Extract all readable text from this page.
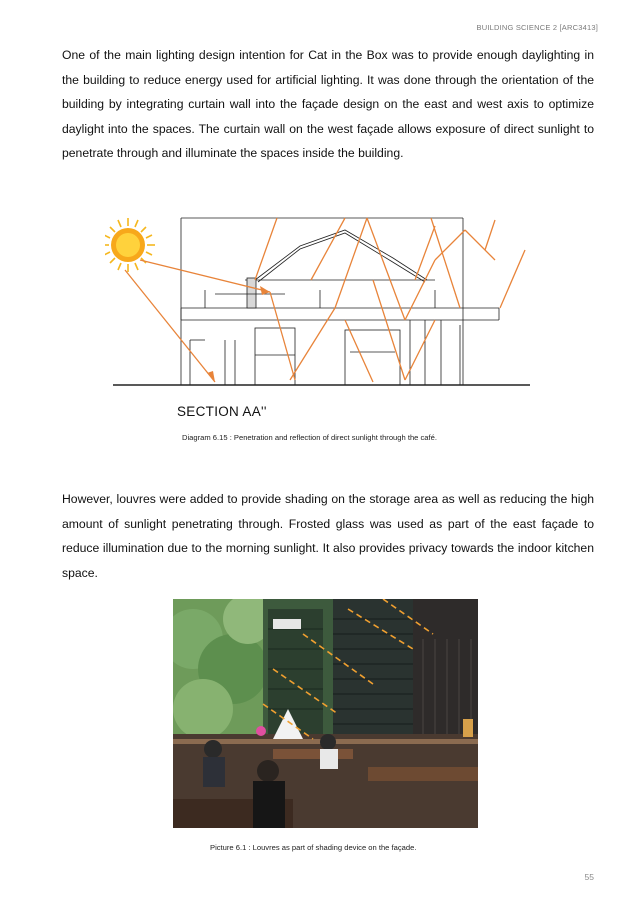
BUILDING SCIENCE 2 [ARC3413]

One of the main lighting design intention for Cat in the Box was to provide enough daylighting in the building to reduce energy used for artificial lighting. It was done through the orientation of the building by integrating curtain wall into the façade design on the east and west axis to optimize daylight into the spaces. The curtain wall on the west façade allows exposure of direct sunlight to penetrate through and illuminate the spaces inside the building.

SECTION AA''
Diagram 6.15 : Penetration and reflection of direct sunlight through the café.

However, louvres were added to provide shading on the storage area as well as reducing the high amount of sunlight penetrating through. Frosted glass was used as part of the east façade to reduce illumination due to the morning sunlight. It also provides privacy towards the indoor kitchen space.

Picture 6.1 : Louvres as part of shading device on the façade.
55
